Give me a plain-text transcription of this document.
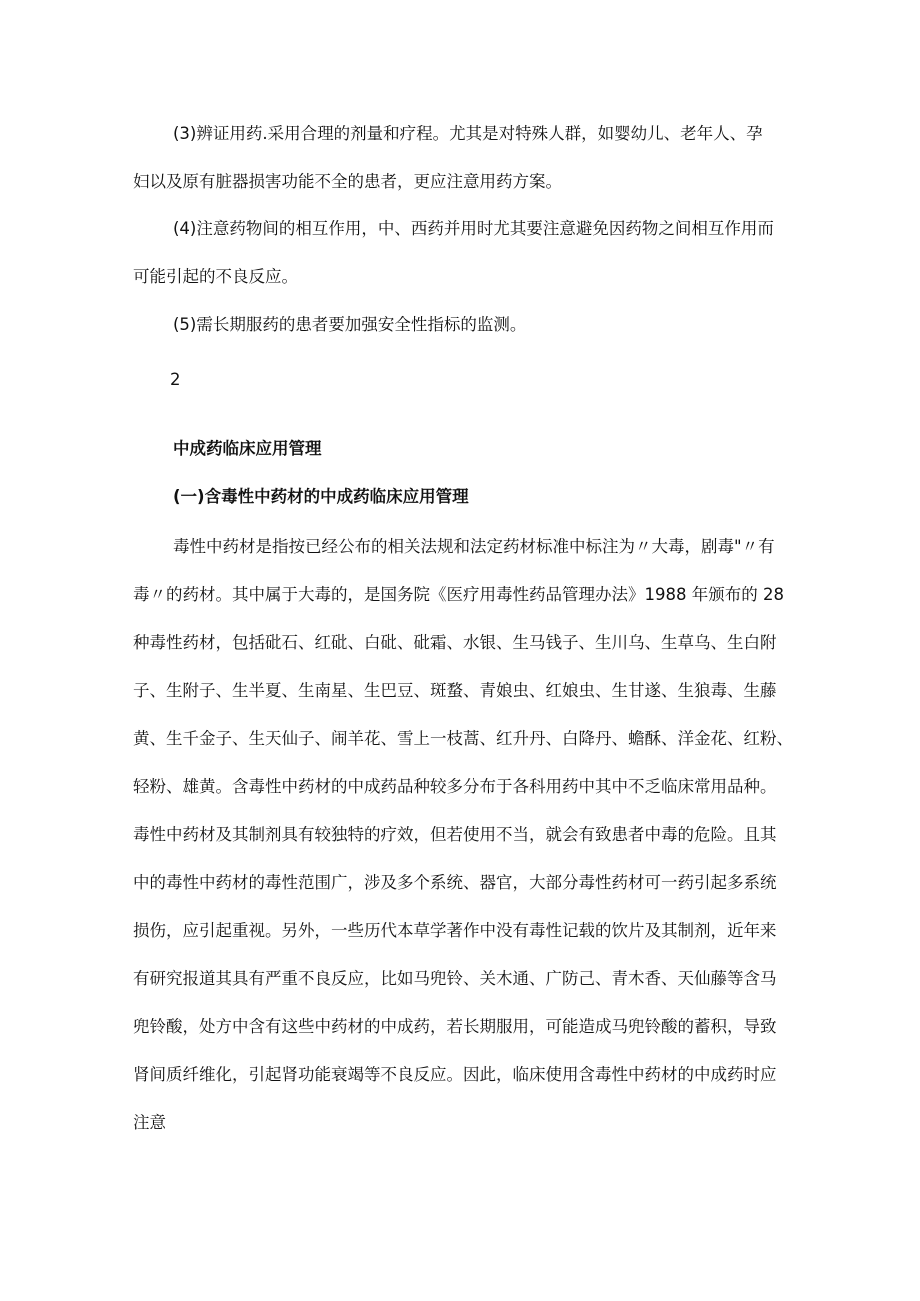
(3)辨证用药.采用合理的剂量和疗程。尤其是对特殊人群，如婴幼儿、老年人、孕
妇以及原有脏器损害功能不全的患者，更应注意用药方案。
(4)注意药物间的相互作用，中、西药并用时尤其要注意避免因药物之间相互作用而
可能引起的不良反应。
(5)需长期服药的患者要加强安全性指标的监测。
2
中成药临床应用管理
(一)含毒性中药材的中成药临床应用管理
毒性中药材是指按已经公布的相关法规和法定药材标准中标注为〃大毒，剧毒"〃有
毒〃的药材。其中属于大毒的，是国务院《医疗用毒性药品管理办法》1988 年颁布的 28
种毒性药材，包括砒石、红砒、白砒、砒霜、水银、生马钱子、生川乌、生草乌、生白附
子、生附子、生半夏、生南星、生巴豆、斑蝥、青娘虫、红娘虫、生甘遂、生狼毒、生藤
黄、生千金子、生天仙子、闹羊花、雪上一枝蒿、红升丹、白降丹、蟾酥、洋金花、红粉、
轻粉、雄黄。含毒性中药材的中成药品种较多分布于各科用药中其中不乏临床常用品种。
毒性中药材及其制剂具有较独特的疗效，但若使用不当，就会有致患者中毒的危险。且其
中的毒性中药材的毒性范围广，涉及多个系统、器官，大部分毒性药材可一药引起多系统
损伤，应引起重视。另外，一些历代本草学著作中没有毒性记载的饮片及其制剂，近年来
有研究报道其具有严重不良反应，比如马兜铃、关木通、广防己、青木香、天仙藤等含马
兜铃酸，处方中含有这些中药材的中成药，若长期服用，可能造成马兜铃酸的蓄积，导致
肾间质纤维化，引起肾功能衰竭等不良反应。因此，临床使用含毒性中药材的中成药时应
注意
